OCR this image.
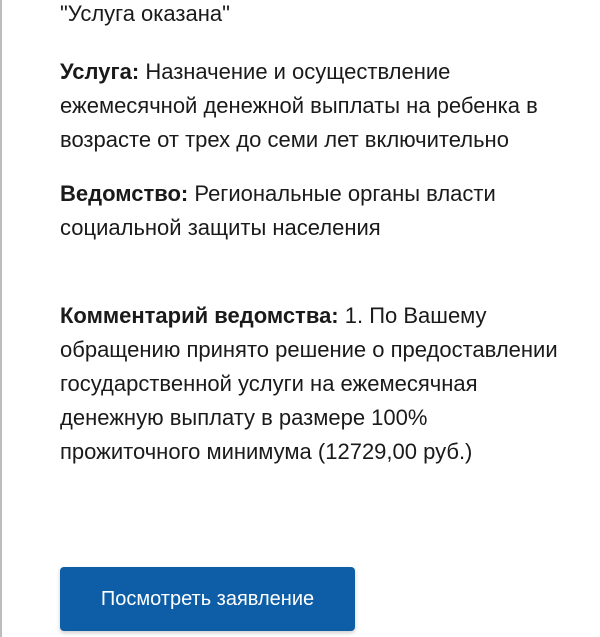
"Услуга оказана"

Услуга: Назначение и осуществление ежемесячной денежной выплаты на ребенка в возрасте от трех до семи лет включительно

Ведомство: Региональные органы власти социальной защиты населения

Комментарий ведомства: 1. По Вашему обращению принято решение о предоставлении государственной услуги на ежемесячная денежную выплату в размере 100% прожиточного минимума (12729,00 руб.)

Посмотреть заявление
